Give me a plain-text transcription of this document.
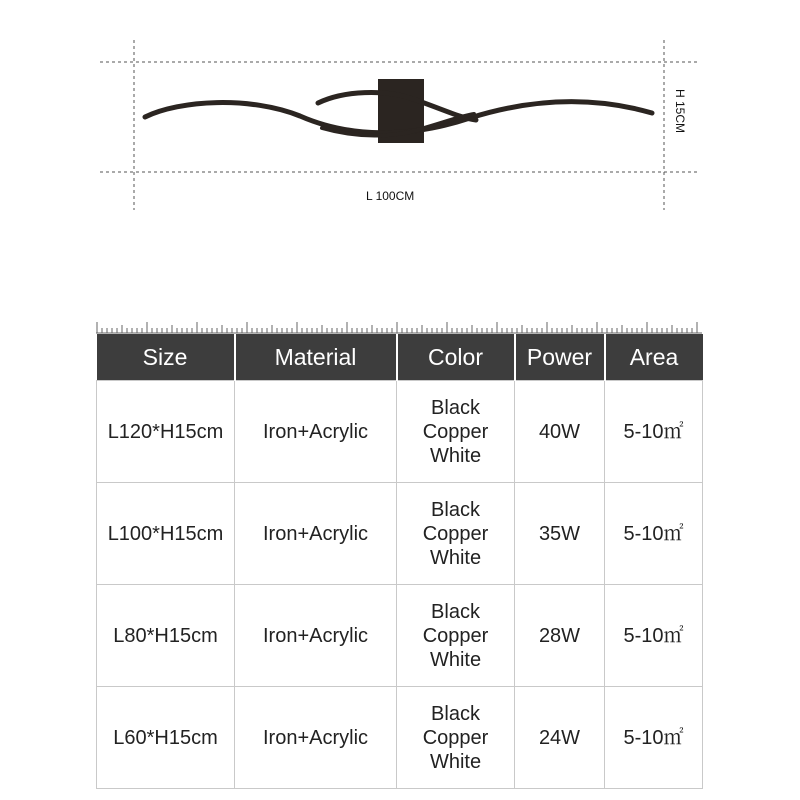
L 100CM
H 15CM
Size	Material	Color	Power	Area
L120*H15cm	Iron+Acrylic	Black
Copper
White	40W	5-10㎡
L100*H15cm	Iron+Acrylic	Black
Copper
White	35W	5-10㎡
L80*H15cm	Iron+Acrylic	Black
Copper
White	28W	5-10㎡
L60*H15cm	Iron+Acrylic	Black
Copper
White	24W	5-10㎡
